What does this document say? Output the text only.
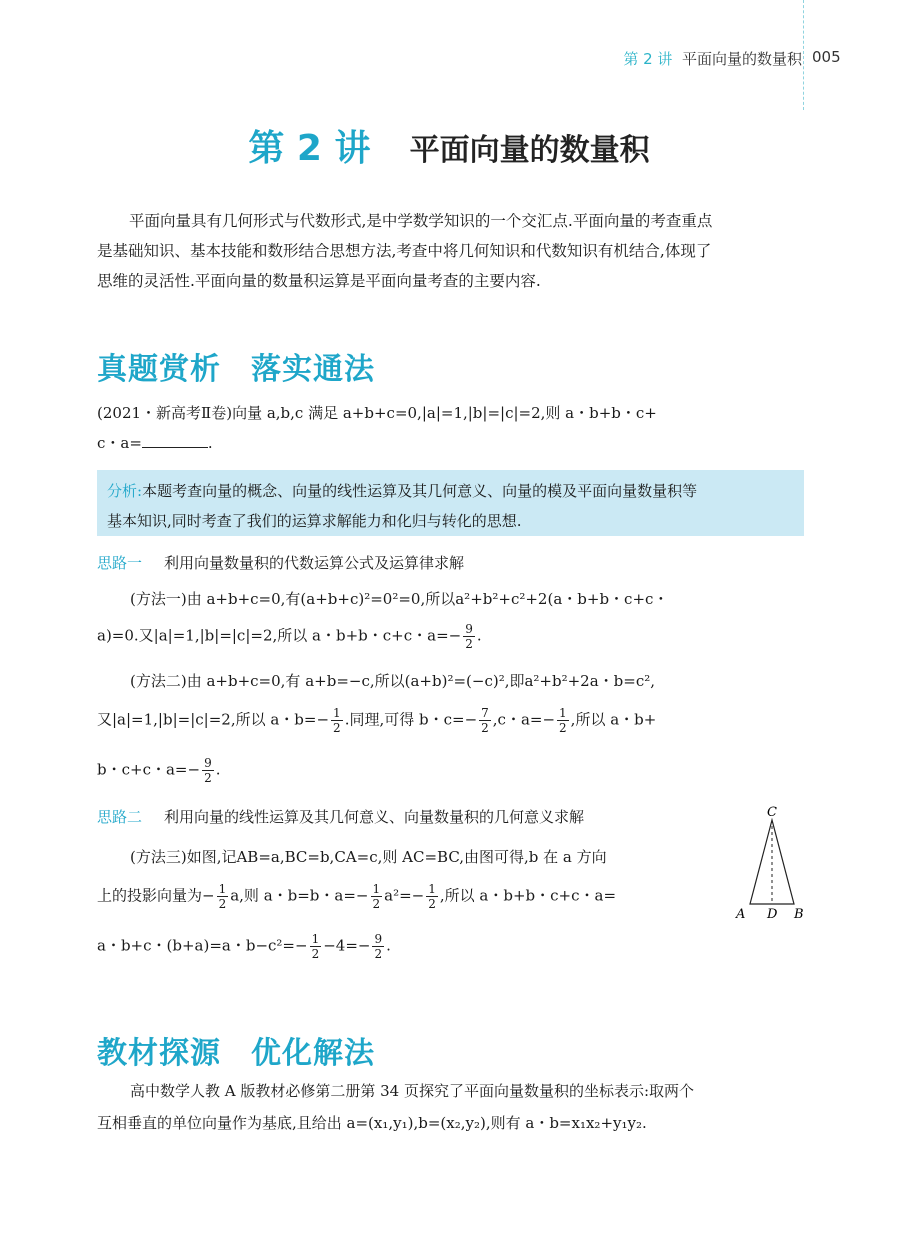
第 2 讲 平面向量的数量积 005
第 2 讲 平面向量的数量积
平面向量具有几何形式与代数形式,是中学数学知识的一个交汇点.平面向量的考查重点
是基础知识、基本技能和数形结合思想方法,考查中将几何知识和代数知识有机结合,体现了
思维的灵活性.平面向量的数量积运算是平面向量考查的主要内容.
真题赏析 落实通法
(2021・新高考Ⅱ卷)向量 a,b,c 满足 a+b+c=0,|a|=1,|b|=|c|=2,则 a・b+b・c+
c・a=	.
分析:本题考查向量的概念、向量的线性运算及其几何意义、向量的模及平面向量数量积等
基本知识,同时考查了我们的运算求解能力和化归与转化的思想.
思路一 利用向量数量积的代数运算公式及运算律求解
(方法一)由 a+b+c=0,有(a+b+c)²=0²=0,所以a²+b²+c²+2(a・b+b・c+c・
a)=0.又|a|=1,|b|=|c|=2,所以 a・b+b・c+c・$a=- \frac{9}{2}$ .
(方法二)由 a+b+c=0,有 a+b=−c,所以(a+b)²=(−c)²,即a²+b²+2a・b=c²,
又|a|=1,|b|=|c|=2,所以 a・$b=- \frac{1}{2}$ .同理,可得 b・$c=- \frac{7}{2} ,c$・$a=- \frac{1}{2}$ ,所以 a・b+
b・c+c・$a=- \frac{9}{2}$ .
思路二 利用向量的线性运算及其几何意义、向量数量积的几何意义求解
(方法三)如图,记AB=a,BC=b,CA=c,则 AC=BC,由图可得,b 在 a 方向
上的投影向量为− $\frac{1}{2} a$,则 a・b=b・$a=- \frac{1}{2} a^2=- \frac{1}{2}$ ,所以 a・b+b・c+c・a=
a・b+c・(b+a)=a・$b-c^2=- \frac{1}{2} -4=- \frac{9}{2}$ .
C
A D B
教材探源 优化解法
高中数学人教 A 版教材必修第二册第 34 页探究了平面向量数量积的坐标表示:取两个
互相垂直的单位向量作为基底,且给出 a=(x₁,y₁),b=(x₂,y₂),则有 a・b=x₁x₂+y₁y₂.
